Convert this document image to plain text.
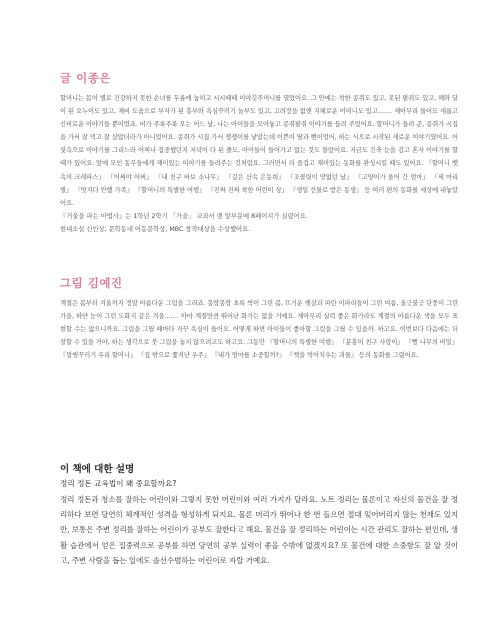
글 이종은

할머니는 몸이 별로 건강하지 못한 손녀를 무릎에 눕히고 시시때때 이야깃주머니를 열었어요. 그 안에는 착한 콩쥐도 있고, 못된 팥쥐도 있고, 해와 달이 된 오누이도 있고, 제비 도움으로 부자가 된 흥부와 욕심꾸러기 놀부도 있고, 고려장을 없앤 지혜로운 어머니도 있고……. 제아무리 들어도 새롭고 신비로운 이야기들 뿐이었죠. 비가 주룩주룩 오는 어느 날, 나는 아이들을 모아놓고 콩쥐팥쥐 이야기를 들려 주었어요. 할머니가 들려 준, 콩쥐가 시집을 가서 잘 먹고 잘 살았더라가 아니었어요. 콩쥐가 시집 가서 쟁쟁이를 낳았는데 이쁜이 딸과 뻔이었어, 하는 식으로 시작된 새로운 이야기였어요. 어릿속으로 이야기를 그리느라 어찌나 집중했던지 저녁이 다 된 줄도, 아이들이 들어가고 없는 것도 몰랐어요. 지금도 긴축 눈을 감고 혼자 이야기를 할 때가 있어요. 앞에 모인 동무들에게 재미있는 이야기를 들려주는 것처럼요. 그러면서 더 즐겁고 재미있는 동화를 완성시킬 때도 있어요. 『할머니 뱃속의 크레파스』 『어쩌야 어쩌』 『내 친구 바보 소나무』 『깊은 산속 은동희』 『조콜릿이 맛없던 날』 『고양이가 울어 간 엄마』 『세 마리 별』 『멋지다 안했 가족』 『할머니의 특별한 여행』 『진짜 진짜 착한 어린이 상』 『생일 선물로 받은 동생』 등 여러 편의 동화를 세상에 내놓았어요.

『거울을 파는 마법사』는 1학년 2학기 「가을」 교과서 맨 앞부분에 8페이지가 실렸어요.

현대소설 신인상, 문학동네 어동문학상, MBC 창작대상을 수상했어요.

그림 김예진

계절은 봄부터 겨울까지 정말 아름다운 그림을 그리죠. 몽땅몽땅 초록 싹이 그린 봄, 뜨거운 햇살과 파란 이파리들이 그린 여름, 울긋불긋 단풍이 그린 가을, 하얀 눈이 그린 도화지 같은 겨울……. 아마 계절만큼 뛰어난 화가는 없을 거예요. 제아무리 실력 좋은 화가라도 계절의 아름다운 색을 모두 표현할 수는 없으니까요. 그림을 그릴 때마다 자꾸 욕심이 들어요. 어떻게 하면 아이들이 좋아할 그림을 그릴 수 있을까. 하고요. 이번보다 다음에는 더 잘할 수 있을 거야, 하는 생각으로 붓 그림을 놓지 않으려고도 하고요. 그동안 『할머니의 특별한 여행』 『분홍이 친구 사랑이』 『빵 나무의 비밀』 『말썽꾸러기 우리 할머니』 『집 밖으로 쫓겨난 우주』 『내가 엄마를 소중할까?』 『책을 먹어치우는 괴물』 등의 동화를 그렸어요.

이 책에 대한 설명

정리 정돈 교육법이 왜 중요할까요?

정리 정돈과 청소를 잘하는 어린이와 그렇지 못한 어린이와 여러 가지가 달라요. 노트 정리는 물론이고 자신의 물건을 잘 정리하다 보면 당연히 체계적인 성격을 형성하게 되지요. 물론 머리가 뛰어나 한 번 들으면 절대 잊어버리지 않는 천재도 있지만, 보통은 주변 정리를 잘하는 어린이가 공부도 잘한다고 해요. 물건을 잘 정리하는 어린이는 시간 관리도 잘하는 편인데, 생활 습관에서 얻은 집중력으로 공부를 하면 당연히 공부 실력이 좋을 수밖에 없겠지요? 또 물건에 대한 소중함도 잘 알 것이고, 주변 사람을 돕는 일에도 솔선수범하는 어린이로 자랄 거예요.
